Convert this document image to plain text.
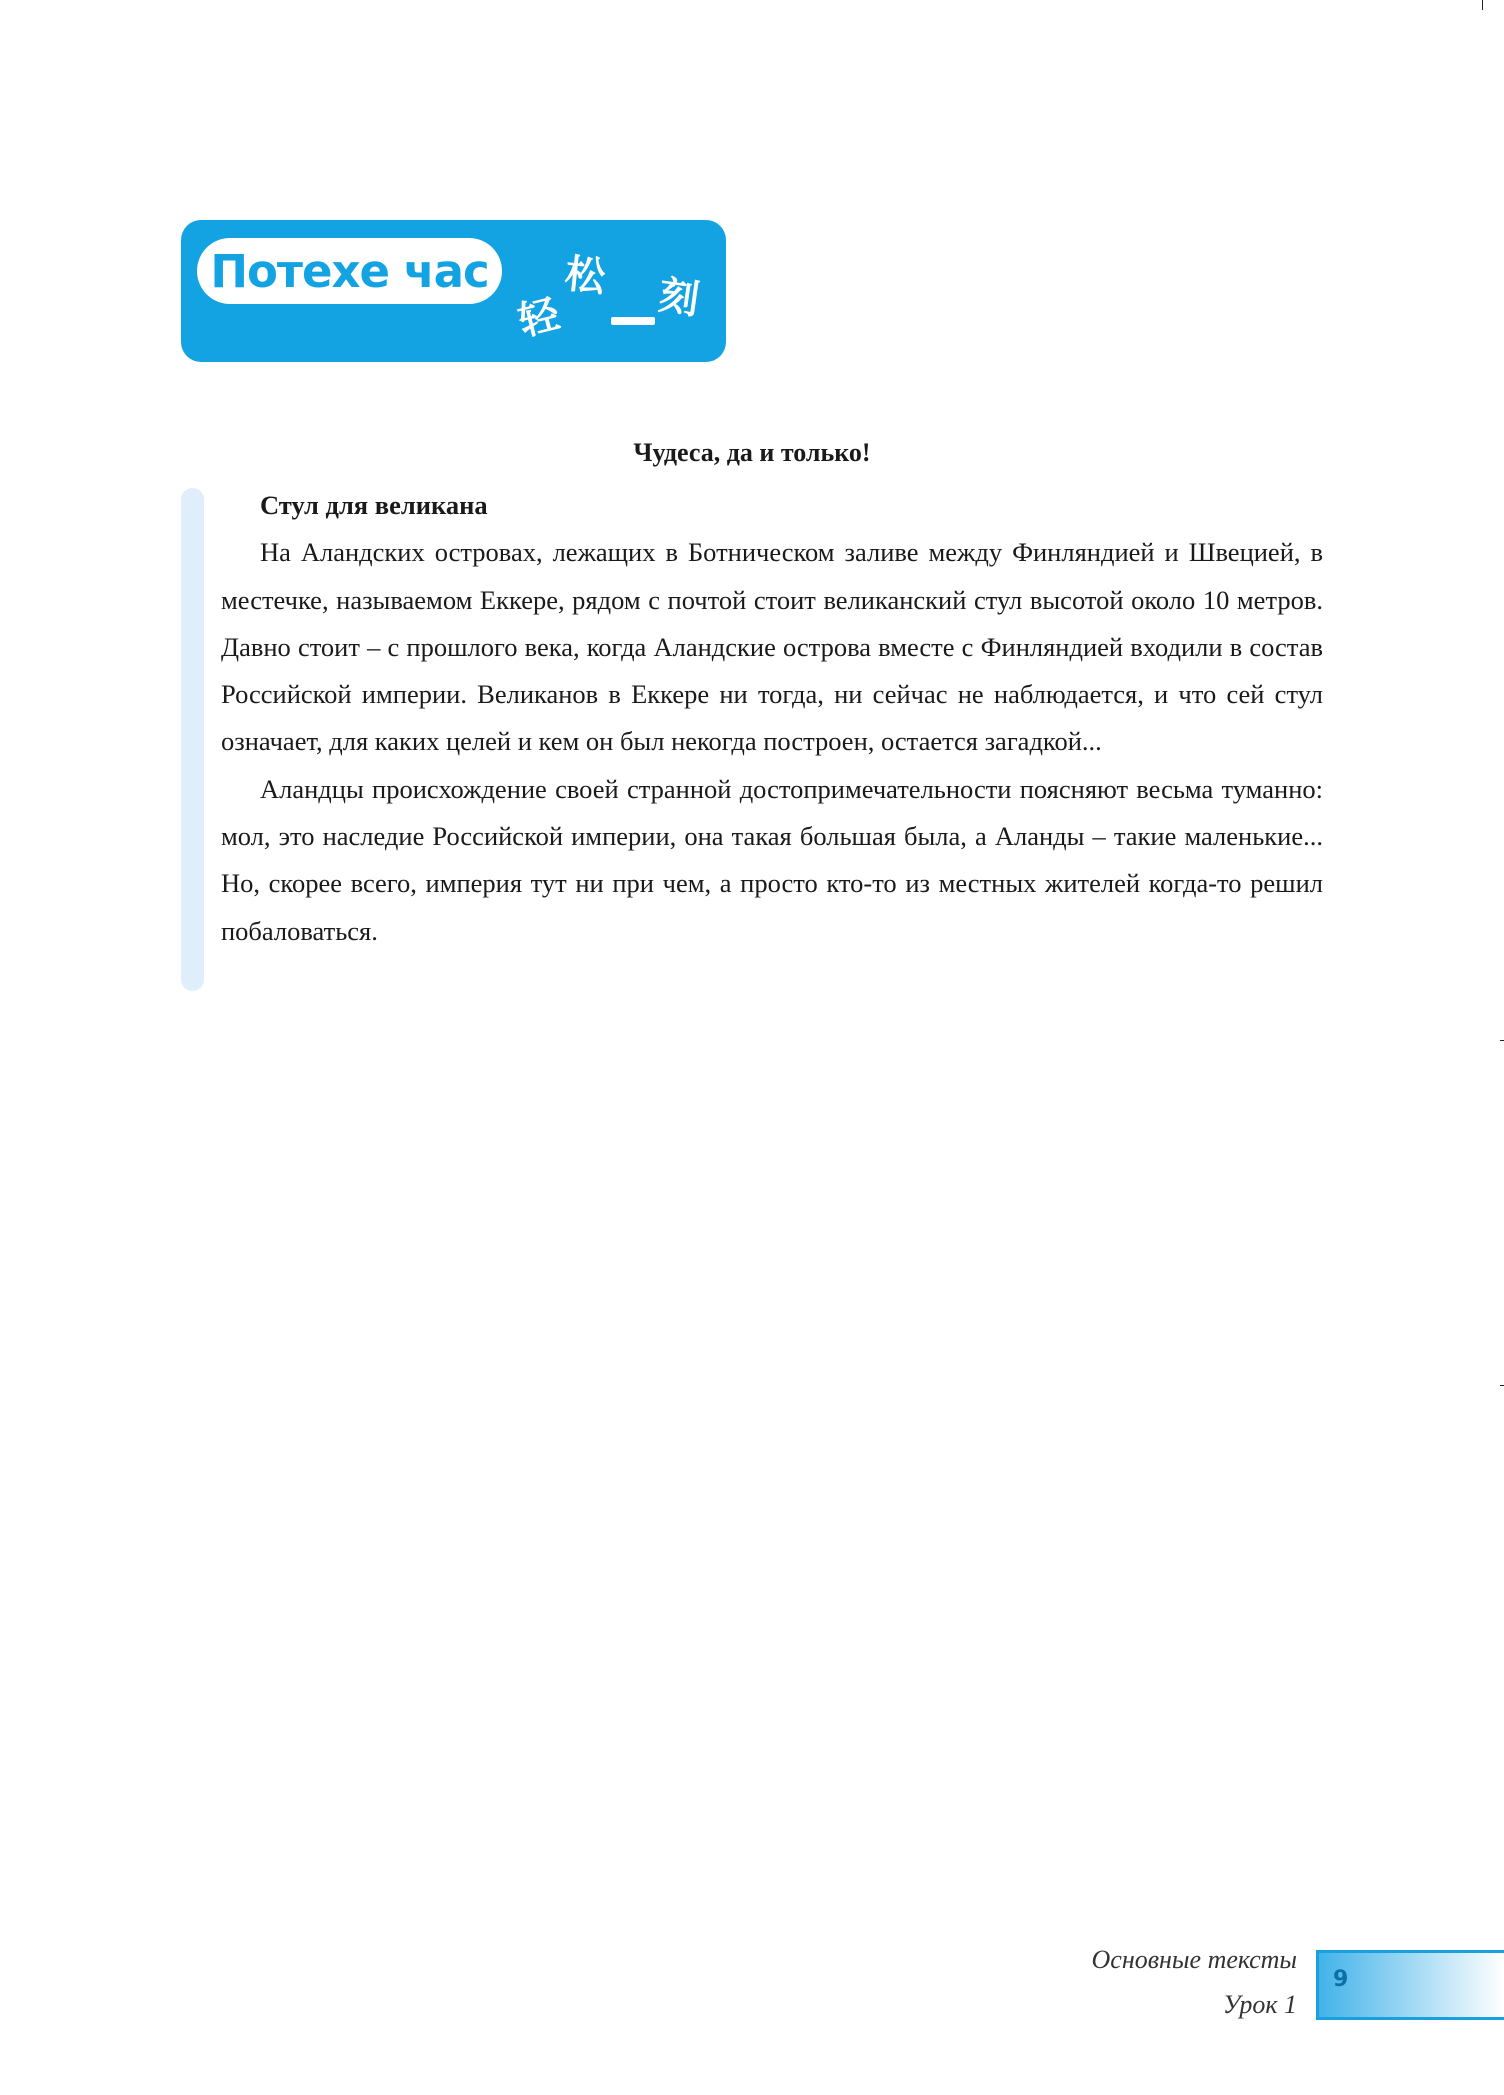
Потехе час
轻
松 刻
Чудеса, да и только!

Стул для великана

На Аландских островах, лежащих в Ботническом заливе между Финляндией и Швецией, в местечке, называемом Еккере, рядом с почтой стоит великанский стул высотой около 10 метров. Давно стоит – с прошлого века, когда Аландские острова вместе с Финляндией входили в состав Российской империи. Великанов в Еккере ни тогда, ни сейчас не наблюдается, и что сей стул означает, для каких целей и кем он был некогда построен, остается загадкой...

Аландцы происхождение своей странной достопримечательности поясняют весьма туманно: мол, это наследие Российской империи, она такая большая была, а Аланды – такие маленькие... Но, скорее всего, империя тут ни при чем, а просто кто-то из местных жителей когда-то решил побаловаться.

Основные тексты
Урок 1
9
